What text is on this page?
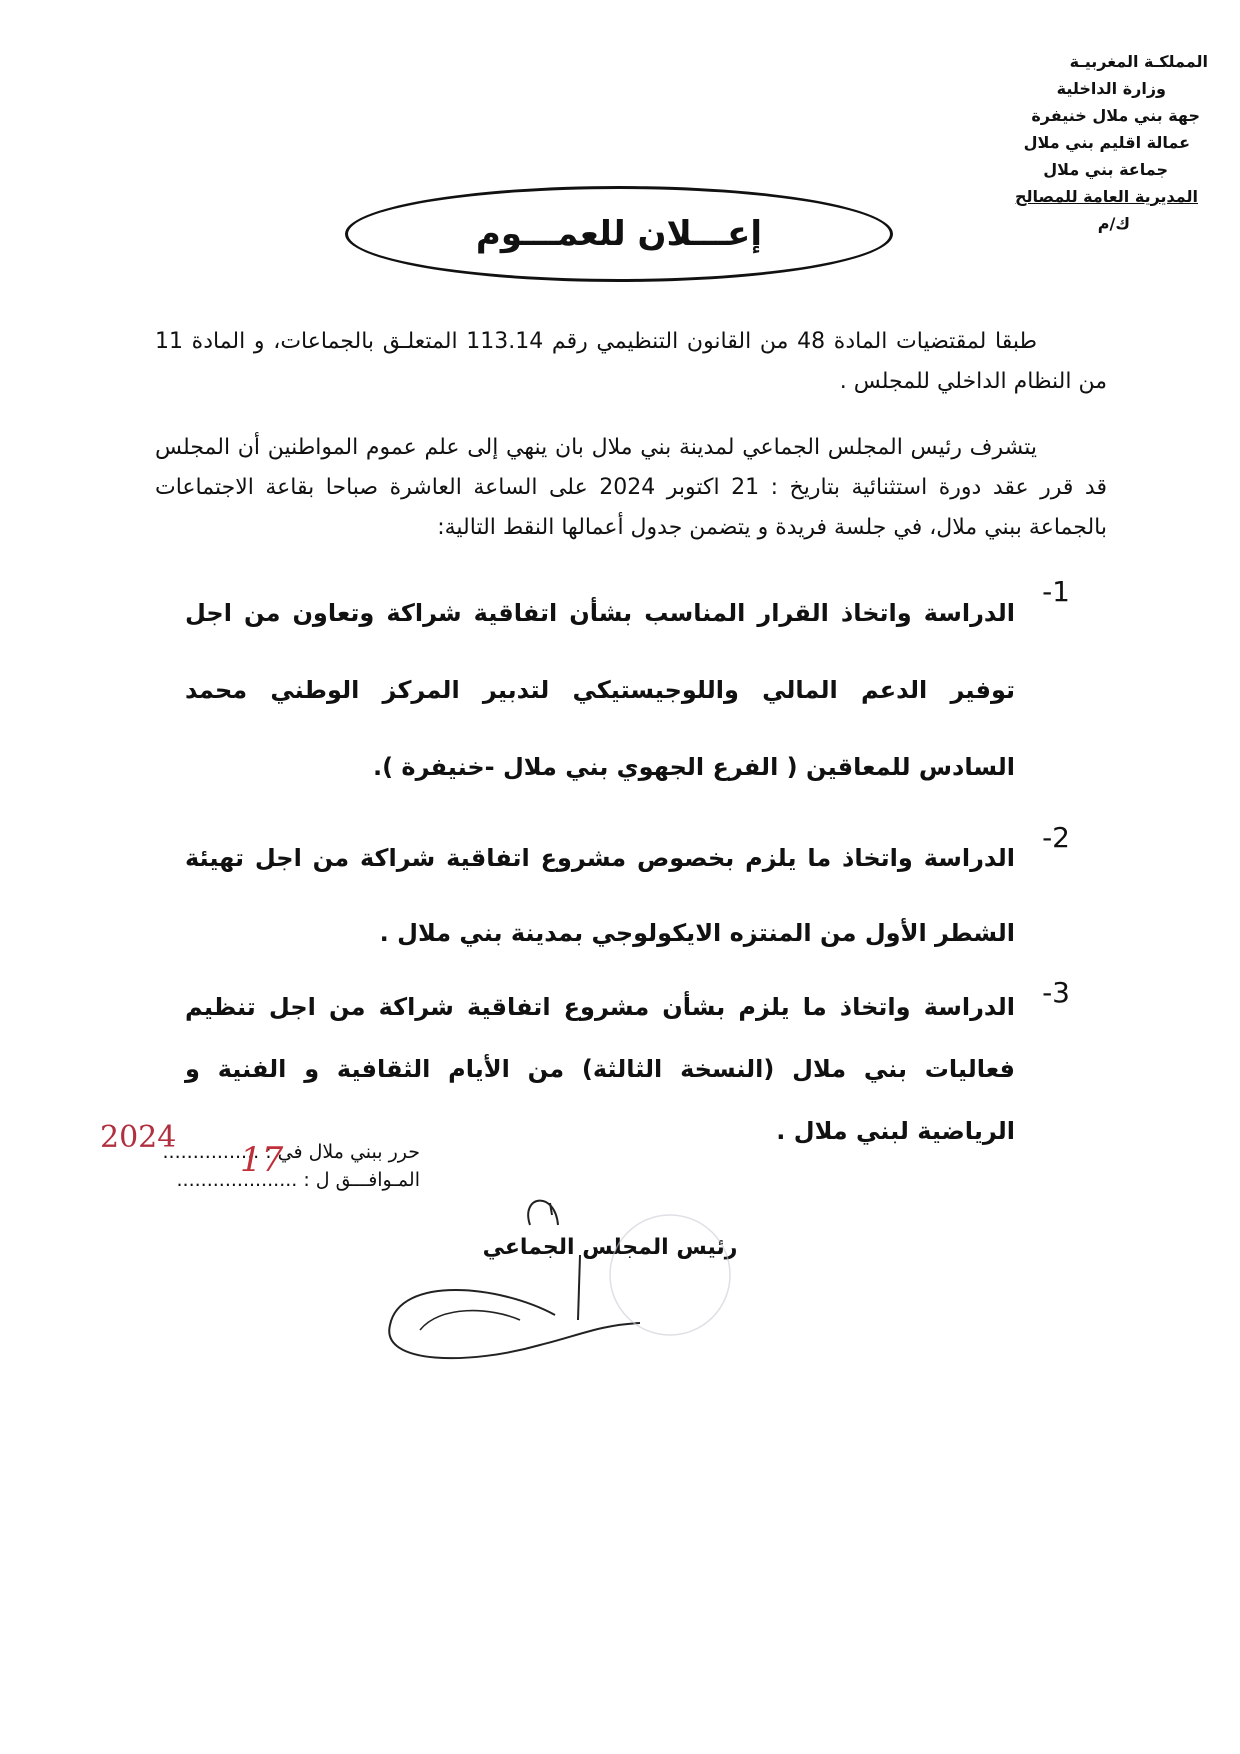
المملكـة المغربيـة
وزارة الداخلية
جهة بني ملال خنيفرة
عمالة اقليم بني ملال
جماعة بني ملال
المديرية العامة للمصالح
ك/م
إعـــلان للعمـــوم

طبقا لمقتضيات المادة 48 من القانون التنظيمي رقم 113.14 المتعلـق بالجماعات، و المادة 11 من النظام الداخلي للمجلس .

يتشرف رئيس المجلس الجماعي لمدينة بني ملال بان ينهي إلى علم عموم المواطنين أن المجلس قد قرر عقد دورة استثنائية بتاريخ : 21 اكتوبر 2024 على الساعة العاشرة صباحا بقاعة الاجتماعات بالجماعة ببني ملال، في جلسة فريدة و يتضمن جدول أعمالها النقط التالية:

1-
الدراسة واتخاذ القرار المناسب بشأن اتفاقية شراكة وتعاون من اجل توفير الدعم المالي واللوجيستيكي لتدبير المركز الوطني محمد السادس للمعاقين ( الفرع الجهوي بني ملال -خنيفرة ).
2-
الدراسة واتخاذ ما يلزم بخصوص مشروع اتفاقية شراكة من اجل تهيئة الشطر الأول من المنتزه الايكولوجي بمدينة بني ملال .
3-
الدراسة واتخاذ ما يلزم بشأن مشروع اتفاقية شراكة من اجل تنظيم فعاليات بني ملال (النسخة الثالثة) من الأيام الثقافية و الفنية و الرياضية لبني ملال .
حرر ببني ملال في : ................
المـوافـــق ل : ....................
2024
17
رئيس المجلس الجماعي
